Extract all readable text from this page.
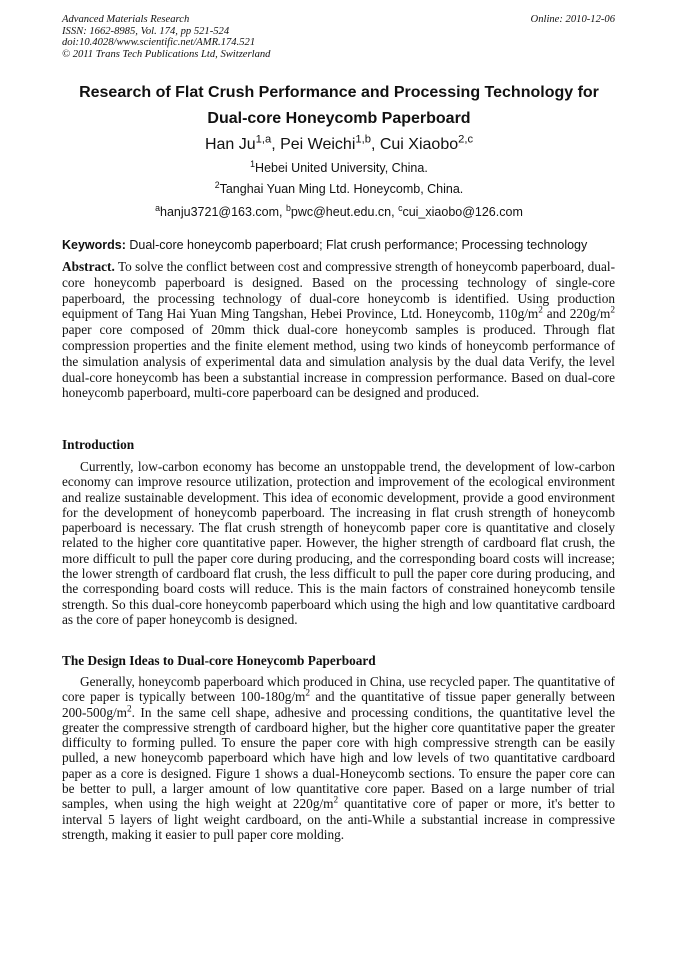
Advanced Materials Research
ISSN: 1662-8985, Vol. 174, pp 521-524
doi:10.4028/www.scientific.net/AMR.174.521
© 2011 Trans Tech Publications Ltd, Switzerland
Online: 2010-12-06
Research of Flat Crush Performance and Processing Technology for
Dual-core Honeycomb Paperboard
Han Ju$^{1,a}$, Pei Weichi$^{1,b}$, Cui Xiaobo$^{2,c}$
$^1$Hebei United University, China.
$^2$Tanghai Yuan Ming Ltd. Honeycomb, China.
$^a$hanju3721@163.com, $^b$pwc@heut.edu.cn, $^c$cui_xiaobo@126.com
Keywords: Dual-core honeycomb paperboard; Flat crush performance; Processing technology

Abstract. To solve the conflict between cost and compressive strength of honeycomb paperboard, dual-core honeycomb paperboard is designed. Based on the processing technology of single-core paperboard, the processing technology of dual-core honeycomb is identified. Using production equipment of Tang Hai Yuan Ming Tangshan, Hebei Province, Ltd. Honeycomb, $110g/m^2$ and $220g/m^2$ paper core composed of 20mm thick dual-core honeycomb samples is produced. Through flat compression properties and the finite element method, using two kinds of honeycomb performance of the simulation analysis of experimental data and simulation analysis by the dual data Verify, the level dual-core honeycomb has been a substantial increase in compression performance. Based on dual-core honeycomb paperboard, multi-core paperboard can be designed and produced.

Introduction

Currently, low-carbon economy has become an unstoppable trend, the development of low-carbon economy can improve resource utilization, protection and improvement of the ecological environment and realize sustainable development. This idea of economic development, provide a good environment for the development of honeycomb paperboard. The increasing in flat crush strength of honeycomb paperboard is necessary. The flat crush strength of honeycomb paper core is quantitative and closely related to the higher core quantitative paper. However, the higher strength of cardboard flat crush, the more difficult to pull the paper core during producing, and the corresponding board costs will increase; the lower strength of cardboard flat crush, the less difficult to pull the paper core during producing, and the corresponding board costs will reduce. This is the main factors of constrained honeycomb tensile strength. So this dual-core honeycomb paperboard which using the high and low quantitative cardboard as the core of paper honeycomb is designed.

The Design Ideas to Dual-core Honeycomb Paperboard

Generally, honeycomb paperboard which produced in China, use recycled paper. The quantitative of core paper is typically between $100-180g/m^2$ and the quantitative of tissue paper generally between $200-500g/m^2$. In the same cell shape, adhesive and processing conditions, the quantitative level the greater the compressive strength of cardboard higher, but the higher core quantitative paper the greater difficulty to forming pulled. To ensure the paper core with high compressive strength can be easily pulled, a new honeycomb paperboard which have high and low levels of two quantitative cardboard paper as a core is designed. Figure 1 shows a dual-Honeycomb sections. To ensure the paper core can be better to pull, a larger amount of low quantitative core paper. Based on a large number of trial samples, when using the high weight at $220g/m^2$ quantitative core of paper or more, it's better to interval 5 layers of light weight cardboard, on the anti-While a substantial increase in compressive strength, making it easier to pull paper core molding.
